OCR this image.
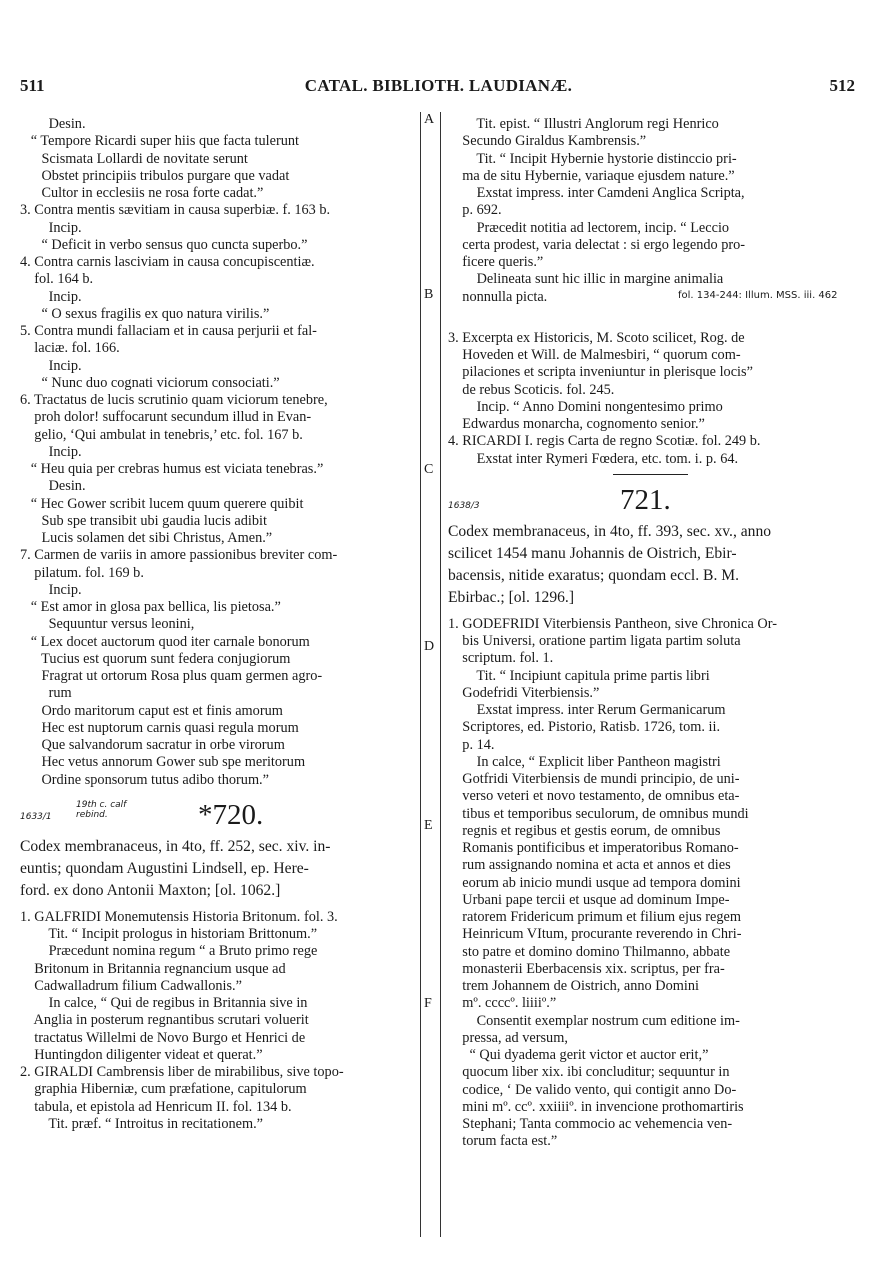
511	CATAL. BIBLIOTH. LAUDIANÆ.	512
Desin.
“ Tempore Ricardi super hiis que facta tulerunt
Scismata Lollardi de novitate serunt
Obstet principiis tribulos purgare que vadat
Cultor in ecclesiis ne rosa forte cadat.”
3. Contra mentis sævitiam in causa superbiæ. f. 163 b.
Incip.
“ Deficit in verbo sensus quo cuncta superbo.”
4. Contra carnis lasciviam in causa concupiscentiæ.
fol. 164 b.
Incip.
“ O sexus fragilis ex quo natura virilis.”
5. Contra mundi fallaciam et in causa perjurii et fal-
laciæ. fol. 166.
Incip.
“ Nunc duo cognati viciorum consociati.”
6. Tractatus de lucis scrutinio quam viciorum tenebre,
proh dolor! suffocarunt secundum illud in Evan-
gelio, ‘Qui ambulat in tenebris,’ etc. fol. 167 b.
Incip.
“ Heu quia per crebras humus est viciata tenebras.”
Desin.
“ Hec Gower scribit lucem quum querere quibit
Sub spe transibit ubi gaudia lucis adibit
Lucis solamen det sibi Christus, Amen.”
7. Carmen de variis in amore passionibus breviter com-
pilatum. fol. 169 b.
Incip.
“ Est amor in glosa pax bellica, lis pietosa.”
Sequuntur versus leonini,
“ Lex docet auctorum quod iter carnale bonorum
Tucius est quorum sunt federa conjugiorum
Fragrat ut ortorum Rosa plus quam germen agro-
rum
Ordo maritorum caput est et finis amorum
Hec est nuptorum carnis quasi regula morum
Que salvandorum sacratur in orbe virorum
Hec vetus annorum Gower sub spe meritorum
Ordine sponsorum tutus adibo thorum.”
1633/1
19th c. calf rebind.	*720.
Codex membranaceus, in 4to, ff. 252, sec. xiv. in-
euntis; quondam Augustini Lindsell, ep. Here-
ford. ex dono Antonii Maxton; [ol. 1062.]
1. GALFRIDI Monemutensis Historia Britonum. fol. 3.
Tit. “ Incipit prologus in historiam Brittonum.”
Præcedunt nomina regum “ a Bruto primo rege
Britonum in Britannia regnancium usque ad
Cadwalladrum filium Cadwallonis.”
In calce, “ Qui de regibus in Britannia sive in
Anglia in posterum regnantibus scrutari voluerit
tractatus Willelmi de Novo Burgo et Henrici de
Huntingdon diligenter videat et querat.”
2. GIRALDI Cambrensis liber de mirabilibus, sive topo-
graphia Hiberniæ, cum præfatione, capitulorum
tabula, et epistola ad Henricum II. fol. 134 b.
Tit. præf. “ Introitus in recitationem.”
A
B
C
D
E
F
Tit. epist. “ Illustri Anglorum regi Henrico
Secundo Giraldus Kambrensis.”
Tit. “ Incipit Hybernie hystorie distinccio pri-
ma de situ Hybernie, variaque ejusdem nature.”
Exstat impress. inter Camdeni Anglica Scripta,
p. 692.
Præcedit notitia ad lectorem, incip. “ Leccio
certa prodest, varia delectat : si ergo legendo pro-
ficere queris.”
Delineata sunt hic illic in margine animalia
nonnulla picta.	fol. 134-244: Illum. MSS. iii. 462
3. Excerpta ex Historicis, M. Scoto scilicet, Rog. de
Hoveden et Will. de Malmesbiri, “ quorum com-
pilaciones et scripta inveniuntur in plerisque locis”
de rebus Scoticis. fol. 245.
Incip. “ Anno Domini nongentesimo primo
Edwardus monarcha, cognomento senior.”
4. RICARDI I. regis Carta de regno Scotiæ. fol. 249 b.
Exstat inter Rymeri Fœdera, etc. tom. i. p. 64.
1638/3	721.
Codex membranaceus, in 4to, ff. 393, sec. xv., anno
scilicet 1454 manu Johannis de Oistrich, Ebir-
bacensis, nitide exaratus; quondam eccl. B. M.
Ebirbac.; [ol. 1296.]
1. GODEFRIDI Viterbiensis Pantheon, sive Chronica Or-
bis Universi, oratione partim ligata partim soluta
scriptum. fol. 1.
Tit. “ Incipiunt capitula prime partis libri
Godefridi Viterbiensis.”
Exstat impress. inter Rerum Germanicarum
Scriptores, ed. Pistorio, Ratisb. 1726, tom. ii.
p. 14.
In calce, “ Explicit liber Pantheon magistri
Gotfridi Viterbiensis de mundi principio, de uni-
verso veteri et novo testamento, de omnibus eta-
tibus et temporibus seculorum, de omnibus mundi
regnis et regibus et gestis eorum, de omnibus
Romanis pontificibus et imperatoribus Romano-
rum assignando nomina et acta et annos et dies
eorum ab inicio mundi usque ad tempora domini
Urbani pape tercii et usque ad dominum Impe-
ratorem Fridericum primum et filium ejus regem
Heinricum VItum, procurante reverendo in Chri-
sto patre et domino domino Thilmanno, abbate
monasterii Eberbacensis xix. scriptus, per fra-
trem Johannem de Oistrich, anno Domini
mº. ccccº. liiiiº.”
Consentit exemplar nostrum cum editione im-
pressa, ad versum,
“ Qui dyadema gerit victor et auctor erit,”
quocum liber xix. ibi concluditur; sequuntur in
codice, ‘ De valido vento, qui contigit anno Do-
mini mº. ccº. xxiiiiº. in invencione prothomartiris
Stephani; Tanta commocio ac vehemencia ven-
torum facta est.”
